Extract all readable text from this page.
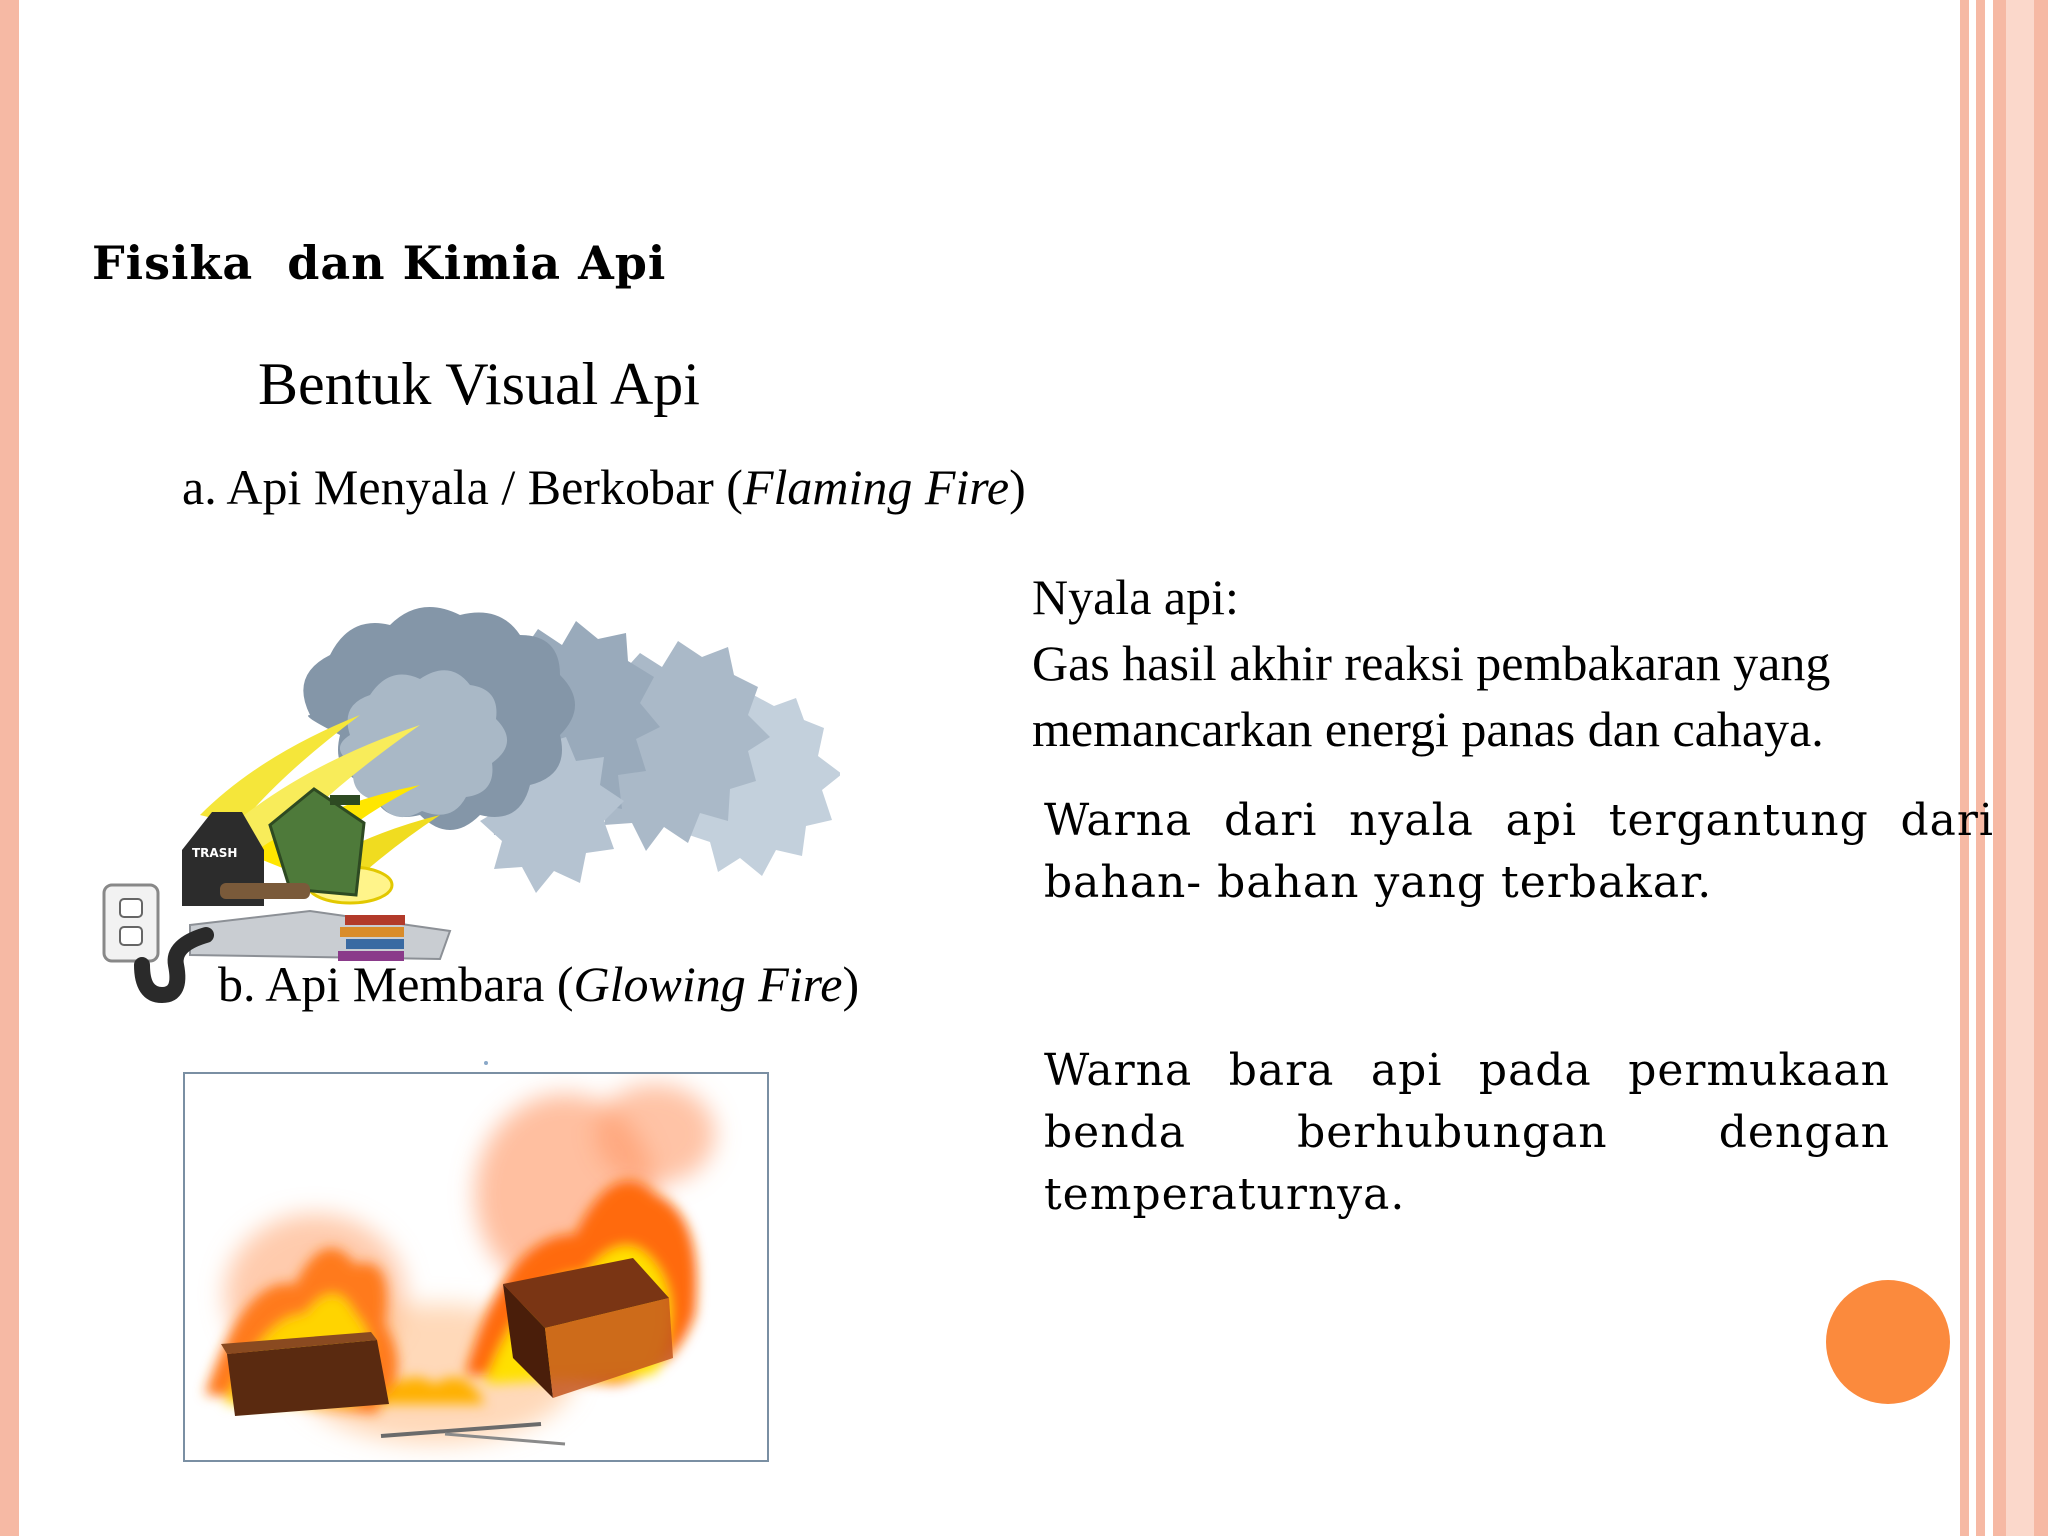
Fisika  dan Kimia Api
Bentuk Visual Api
a. Api Menyala / Berkobar (Flaming Fire)
TRASH
b. Api Membara (Glowing Fire)
Nyala api:
Gas hasil akhir reaksi pembakaran yang
memancarkan energi panas dan cahaya.
Warna dari nyala api tergantung dari bahan- bahan yang terbakar.
Warna bara api pada permukaan benda berhubungan dengan temperaturnya.
